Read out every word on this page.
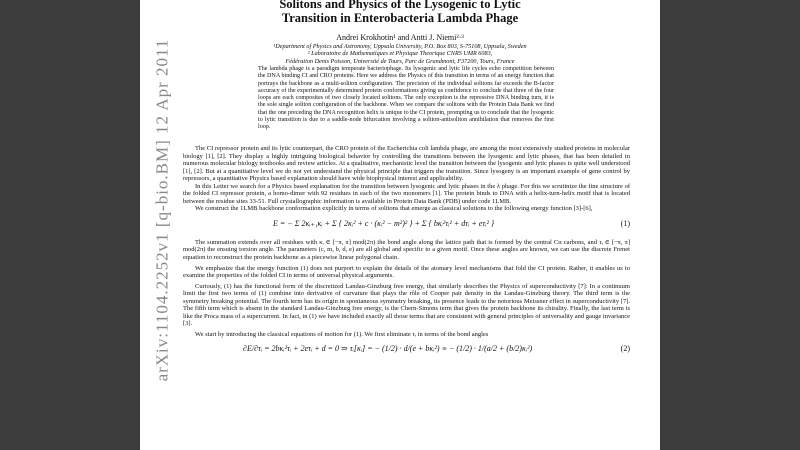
arXiv:1104.2252v1 [q-bio.BM] 12 Apr 2011
Solitons and Physics of the Lysogenic to Lytic
Transition in Enterobacteria Lambda Phage
Andrei Krokhotin¹ and Antti J. Niemi²·³
¹Department of Physics and Astronomy, Uppsala University, P.O. Box 803, S-75108, Uppsala, Sweden
² Laboratoire de Mathematiques et Physique Theorique CNRS UMR 6083,
Fédération Denis Poisson, Université de Tours, Parc de Grandmont, F37200, Tours, France
The lambda phage is a paradigm temperate bacteriophage. Its lysogenic and lytic life cycles echo competition between the DNA binding CI and CRO proteins. Here we address the Physics of this transition in terms of an energy function that portrays the backbone as a multi-soliton configuration. The precision of the individual solitons far exceeds the B-factor accuracy of the experimentally determined protein conformations giving us confidence to conclude that three of the four loops are each composites of two closely located solitons. The only exception is the repressive DNA binding turn, it is the sole single soliton configuration of the backbone. When we compare the solitons with the Protein Data Bank we find that the one preceding the DNA recognition helix is unique to the CI protein, prompting us to conclude that the lysogenic to lytic transition is due to a saddle-node bifurcation involving a soliton-antisoliton annihilation that removes the first loop.

The CI repressor protein and its lytic counterpart, the CRO protein of the Escherichia coli lambda phage, are among the most extensively studied proteins in molecular biology [1], [2]. They display a highly intriguing biological behavior by controlling the transitions between the lysogenic and lytic phases, that has been detailed in numerous molecular biology textbooks and review articles. At a qualitative, mechanistic level the transition between the lysogenic and lytic phases is quite well understood [1], [2]. But at a quantitative level we do not yet understand the physical principle that triggers the transition. Since lysogeny is an important example of gene control by repressors, a quantitative Physics based explanation should have wide biophysical interest and applicability.

In this Letter we search for a Physics based explanation for the transition between lysogenic and lytic phases in the λ phage. For this we scrutinize the fine structure of the folded CI repressor protein, a homo-dimer with 92 residues in each of the two monomers [1]. The protein binds to DNA with a helix-turn-helix motif that is located between the residue sites 33-51. Full crystallographic information is available in Protein Data Bank (PDB) under code 1LMB.

We construct the 1LMB backbone conformation explicitly in terms of solitons that emerge as classical solutions to the following energy function [3]-[6],

E = − Σ 2κᵢ₊₁κᵢ + Σ { 2κᵢ² + c · (κᵢ² − m²)² } + Σ { bκᵢ²τᵢ² + dτᵢ + eτᵢ² }	(1)

The summation extends over all residues with κᵢ ∈ [−π, π] mod(2π) the bond angle along the lattice path that is formed by the central Cα carbons, and τᵢ ∈ [−π, π] mod(2π) the ensuing torsion angle. The parameters (c, m, b, d, e) are all global and specific to a given motif. Once these angles are known, we can use the discrete Frenet equation to reconstruct the protein backbone as a piecewise linear polygonal chain.

We emphasize that the energy function (1) does not purport to explain the details of the atomary level mechanisms that fold the CI protein. Rather, it enables us to examine the properties of the folded CI in terms of universal physical arguments.

Curiously, (1) has the functional form of the discretized Landau-Ginzburg free energy, that similarly describes the Physics of superconductivity [7]: In a continuum limit the first two terms of (1) combine into derivative of curvature that plays the rôle of Cooper pair density in the Landau-Ginzburg theory. The third term is the symmetry breaking potential. The fourth term has its origin in spontaneous symmetry breaking, its presence leads to the notorious Meissner effect in superconductivity [7]. The fifth term which is absent in the standard Landau-Ginzburg free energy, is the Chern-Simons term that gives the protein backbone its chirality. Finally, the last term is like the Proca mass of a supercurrent. In fact, in (1) we have included exactly all those terms that are consistent with general principles of universality and gauge invariance [3].

We start by introducing the classical equations of motion for (1). We first eliminate τᵢ in terms of the bond angles

∂E/∂τᵢ = 2bκᵢ²τᵢ + 2eτᵢ + d = 0 ⇒ τᵢ[κᵢ] = − (1/2) · d/(e + bκᵢ²) ≡ − (1/2) · 1/(a/2 + (b/2)κᵢ²)	(2)
